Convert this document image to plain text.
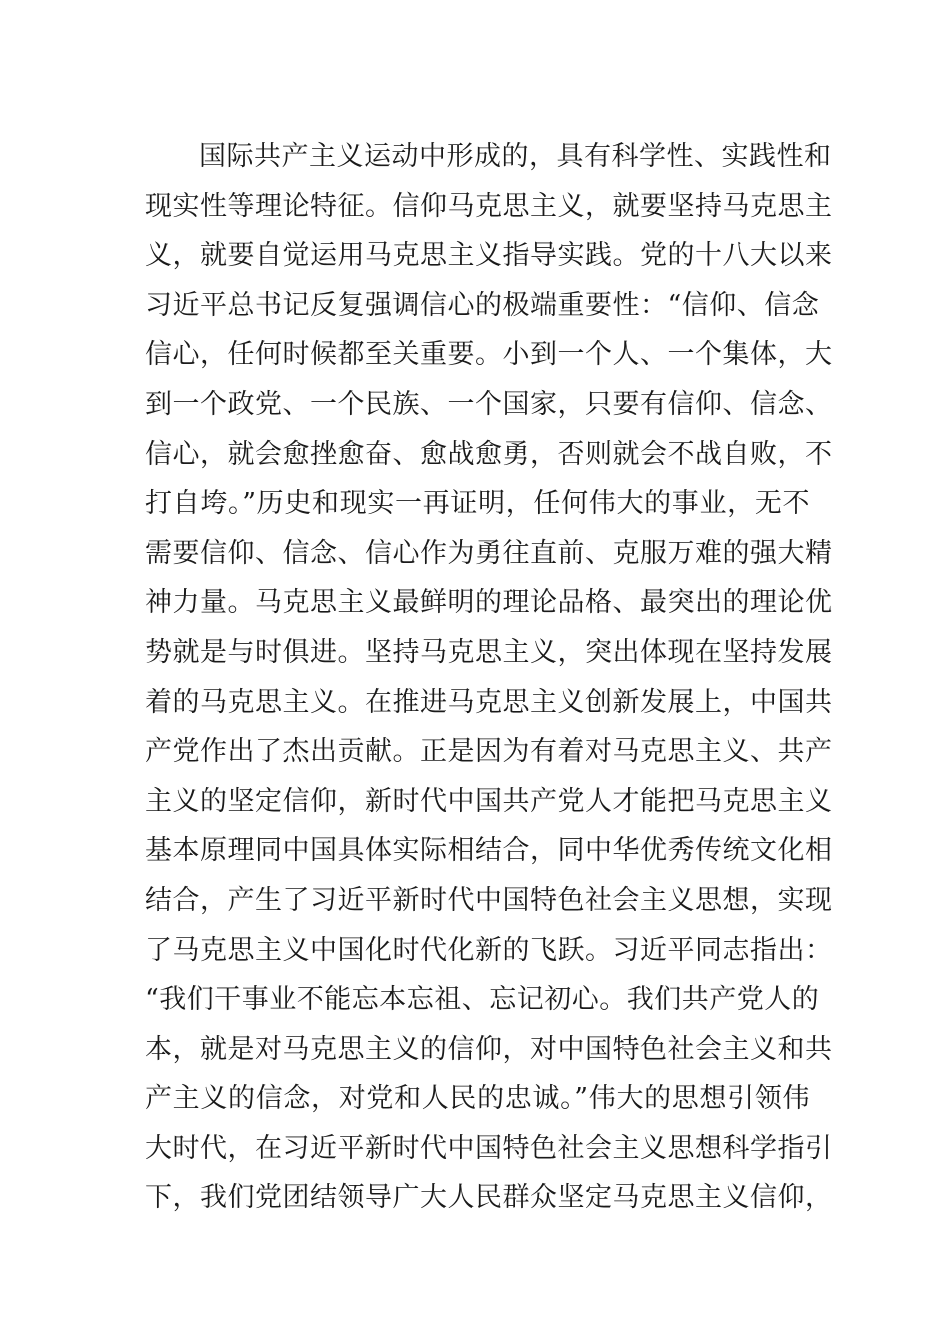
国际共产主义运动中形成的，具有科学性、实践性和
现实性等理论特征。信仰马克思主义，就要坚持马克思主
义，就要自觉运用马克思主义指导实践。党的十八大以来
习近平总书记反复强调信心的极端重要性：“信仰、信念
信心，任何时候都至关重要。小到一个人、一个集体，大
到一个政党、一个民族、一个国家，只要有信仰、信念、
信心，就会愈挫愈奋、愈战愈勇，否则就会不战自败，不
打自垮。”历史和现实一再证明，任何伟大的事业，无不
需要信仰、信念、信心作为勇往直前、克服万难的强大精
神力量。马克思主义最鲜明的理论品格、最突出的理论优
势就是与时俱进。坚持马克思主义，突出体现在坚持发展
着的马克思主义。在推进马克思主义创新发展上，中国共
产党作出了杰出贡献。正是因为有着对马克思主义、共产
主义的坚定信仰，新时代中国共产党人才能把马克思主义
基本原理同中国具体实际相结合，同中华优秀传统文化相
结合，产生了习近平新时代中国特色社会主义思想，实现
了马克思主义中国化时代化新的飞跃。习近平同志指出：
“我们干事业不能忘本忘祖、忘记初心。我们共产党人的
本，就是对马克思主义的信仰，对中国特色社会主义和共
产主义的信念，对党和人民的忠诚。”伟大的思想引领伟
大时代，在习近平新时代中国特色社会主义思想科学指引
下，我们党团结领导广大人民群众坚定马克思主义信仰，
